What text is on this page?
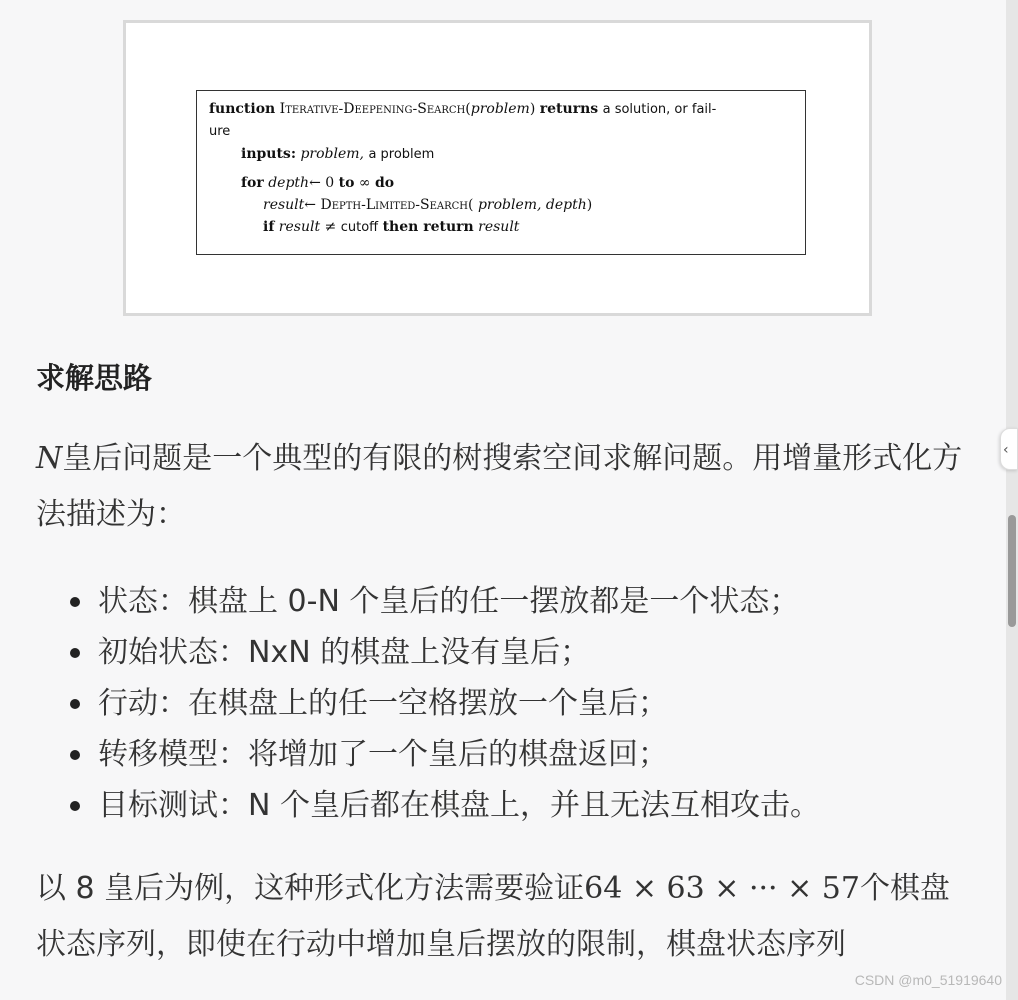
function Iterative-Deepening-Search(problem) returns a solution, or fail-
ure
inputs: problem, a problem
for depth← 0 to ∞ do
result← Depth-Limited-Search( problem, depth)
if result ≠ cutoff then return result
求解思路

N皇后问题是一个典型的有限的树搜索空间求解问题。用增量形式化方法描述为：

状态：棋盘上 0-N 个皇后的任一摆放都是一个状态；
初始状态：NxN 的棋盘上没有皇后；
行动：在棋盘上的任一空格摆放一个皇后；
转移模型：将增加了一个皇后的棋盘返回；
目标测试：N 个皇后都在棋盘上，并且无法互相攻击。

以 8 皇后为例，这种形式化方法需要验证64 × 63 × ··· × 57个棋盘状态序列，即使在行动中增加皇后摆放的限制，棋盘状态序列

‹
CSDN @m0_51919640
